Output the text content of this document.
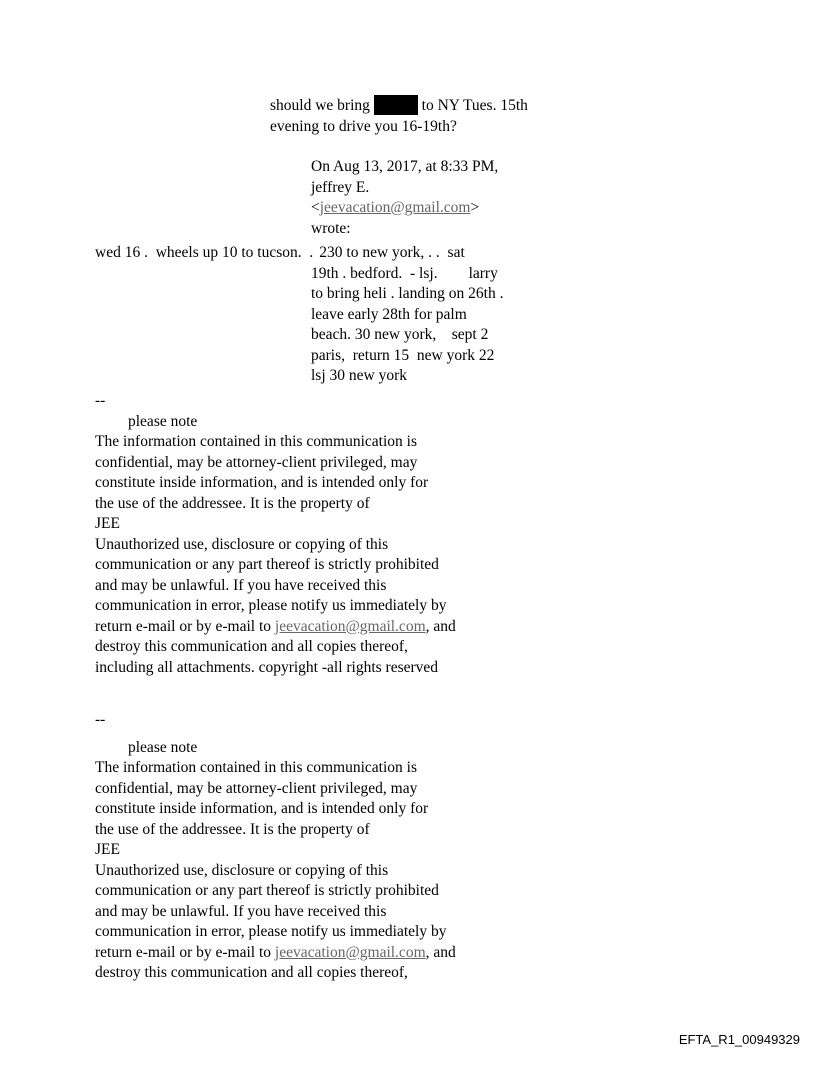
should we bring	to NY Tues. 15th
evening to drive you 16-19th?
On Aug 13, 2017, at 8:33 PM,
jeffrey E.
<jeevacation@gmail.com>
wrote:
wed 16 .  wheels up 10 to tucson.  . 230 to new york, . .  sat
19th . bedford.  - lsj.        larry
to bring heli . landing on 26th .
leave early 28th for palm
beach. 30 new york,    sept 2
paris,  return 15  new york 22
lsj 30 new york
--
please note
The information contained in this communication is
confidential, may be attorney-client privileged, may
constitute inside information, and is intended only for
the use of the addressee. It is the property of
JEE
Unauthorized use, disclosure or copying of this
communication or any part thereof is strictly prohibited
and may be unlawful. If you have received this
communication in error, please notify us immediately by
return e-mail or by e-mail to jeevacation@gmail.com, and
destroy this communication and all copies thereof,
including all attachments. copyright -all rights reserved
--
please note
The information contained in this communication is
confidential, may be attorney-client privileged, may
constitute inside information, and is intended only for
the use of the addressee. It is the property of
JEE
Unauthorized use, disclosure or copying of this
communication or any part thereof is strictly prohibited
and may be unlawful. If you have received this
communication in error, please notify us immediately by
return e-mail or by e-mail to jeevacation@gmail.com, and
destroy this communication and all copies thereof,
EFTA_R1_00949329
